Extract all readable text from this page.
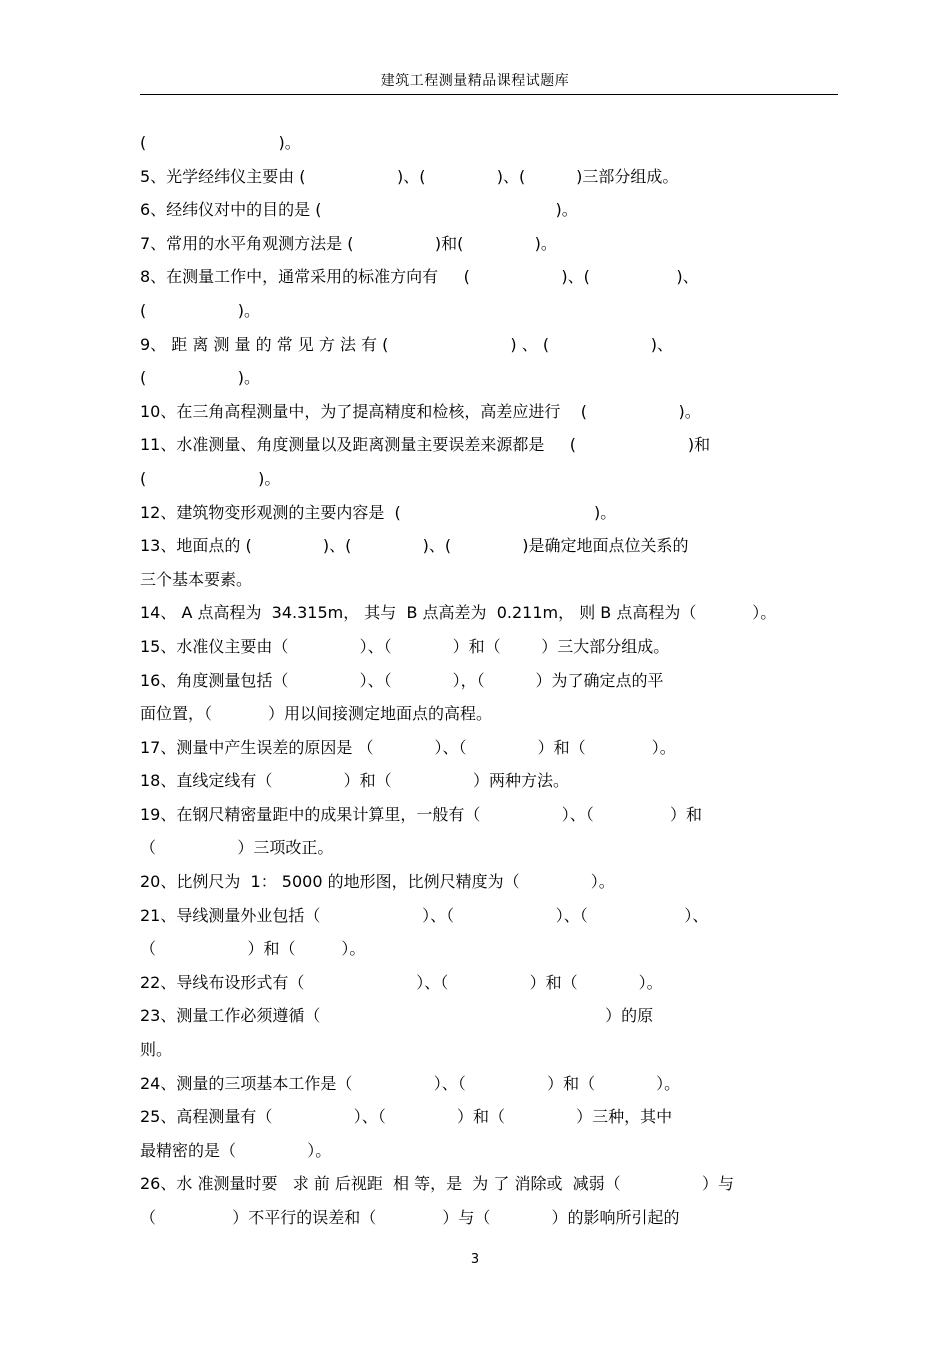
建筑工程测量精品课程试题库
(                          )。
5、光学经纬仪主要由 (                  )、(              )、(          )三部分组成。
6、经纬仪对中的目的是 (                                              )。
7、常用的水平角观测方法是 (                )和(              )。
8、在测量工作中，通常采用的标准方向有     (                  )、(                 )、
(                  )。
9、 距 离 测 量 的 常 见 方 法 有 (                        ) 、 (                    )、
(                  )。
10、在三角高程测量中，为了提高精度和检核，高差应进行    (                  )。
11、水准测量、角度测量以及距离测量主要误差来源都是     (                      )和
(                      )。
12、建筑物变形观测的主要内容是  (                                      )。
13、地面点的 (              )、(              )、(              )是确定地面点位关系的
三个基本要素。
14、 A 点高程为  34.315m， 其与  B 点高差为  0.211m， 则 B 点高程为（           ）。
15、水准仪主要由（              ）、（            ）和（        ）三大部分组成。
16、角度测量包括（              ）、（            ），（          ）为了确定点的平
面位置，（           ）用以间接测定地面点的高程。
17、测量中产生误差的原因是 （            ）、（              ）和（             ）。
18、直线定线有（              ）和（                ）两种方法。
19、在钢尺精密量距中的成果计算里，一般有（                ）、（               ）和
（                ）三项改正。
20、比例尺为  1： 5000 的地形图，比例尺精度为（              ）。
21、导线测量外业包括（                    ）、（                    ）、（                   ）、
（                  ）和（         ）。
22、导线布设形式有（                      ）、（                ）和（            ）。
23、测量工作必须遵循（                                                        ）的原
则。
24、测量的三项基本工作是（                ）、（                ）和（            ）。
25、高程测量有（                ）、（              ）和（              ）三种，其中
最精密的是（              ）。
26、水 准测量时要   求 前 后视距  相 等，是  为 了 消除或  减弱（                ）与
（               ）不平行的误差和（             ）与（            ）的影响所引起的
3
